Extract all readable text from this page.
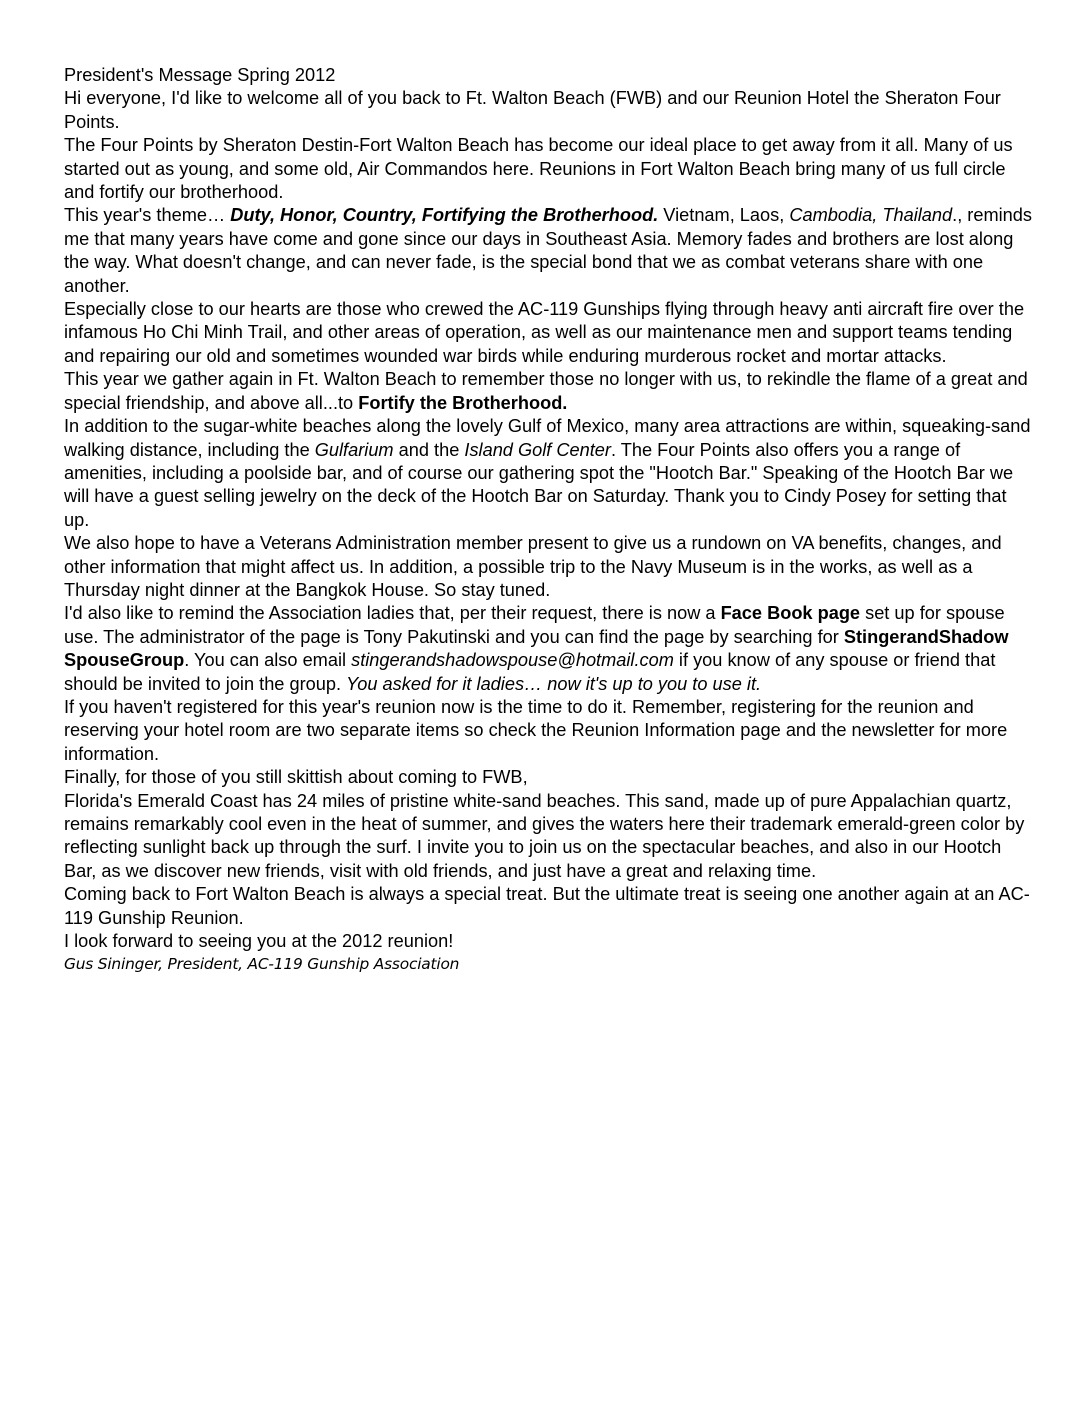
President's Message Spring 2012

Hi everyone, I'd like to welcome all of you back to Ft. Walton Beach (FWB) and our Reunion Hotel the Sheraton Four Points.

The Four Points by Sheraton Destin-Fort Walton Beach has become our ideal place to get away from it all. Many of us started out as young, and some old, Air Commandos here. Reunions in Fort Walton Beach bring many of us full circle and fortify our brotherhood.

This year's theme… Duty, Honor, Country, Fortifying the Brotherhood. Vietnam, Laos, Cambodia, Thailand., reminds me that many years have come and gone since our days in Southeast Asia. Memory fades and brothers are lost along the way. What doesn't change, and can never fade, is the special bond that we as combat veterans share with one another.

Especially close to our hearts are those who crewed the AC-119 Gunships flying through heavy anti aircraft fire over the infamous Ho Chi Minh Trail, and other areas of operation, as well as our maintenance men and support teams tending and repairing our old and sometimes wounded war birds while enduring murderous rocket and mortar attacks.

This year we gather again in Ft. Walton Beach to remember those no longer with us, to rekindle the flame of a great and special friendship, and above all...to Fortify the Brotherhood.

In addition to the sugar-white beaches along the lovely Gulf of Mexico, many area attractions are within, squeaking-sand walking distance, including the Gulfarium and the Island Golf Center. The Four Points also offers you a range of amenities, including a poolside bar, and of course our gathering spot the "Hootch Bar." Speaking of the Hootch Bar we will have a guest selling jewelry on the deck of the Hootch Bar on Saturday. Thank you to Cindy Posey for setting that up.

We also hope to have a Veterans Administration member present to give us a rundown on VA benefits, changes, and other information that might affect us. In addition, a possible trip to the Navy Museum is in the works, as well as a Thursday night dinner at the Bangkok House. So stay tuned.

I'd also like to remind the Association ladies that, per their request, there is now a Face Book page set up for spouse use. The administrator of the page is Tony Pakutinski and you can find the page by searching for StingerandShadow SpouseGroup. You can also email stingerandshadowspouse@hotmail.com if you know of any spouse or friend that should be invited to join the group. You asked for it ladies… now it's up to you to use it.

If you haven't registered for this year's reunion now is the time to do it. Remember, registering for the reunion and reserving your hotel room are two separate items so check the Reunion Information page and the newsletter for more information.

Finally, for those of you still skittish about coming to FWB,

Florida's Emerald Coast has 24 miles of pristine white-sand beaches. This sand, made up of pure Appalachian quartz, remains remarkably cool even in the heat of summer, and gives the waters here their trademark emerald-green color by reflecting sunlight back up through the surf. I invite you to join us on the spectacular beaches, and also in our Hootch Bar, as we discover new friends, visit with old friends, and just have a great and relaxing time.

Coming back to Fort Walton Beach is always a special treat. But the ultimate treat is seeing one another again at an AC-119 Gunship Reunion.

I look forward to seeing you at the 2012 reunion!

Gus Sininger, President, AC-119 Gunship Association
